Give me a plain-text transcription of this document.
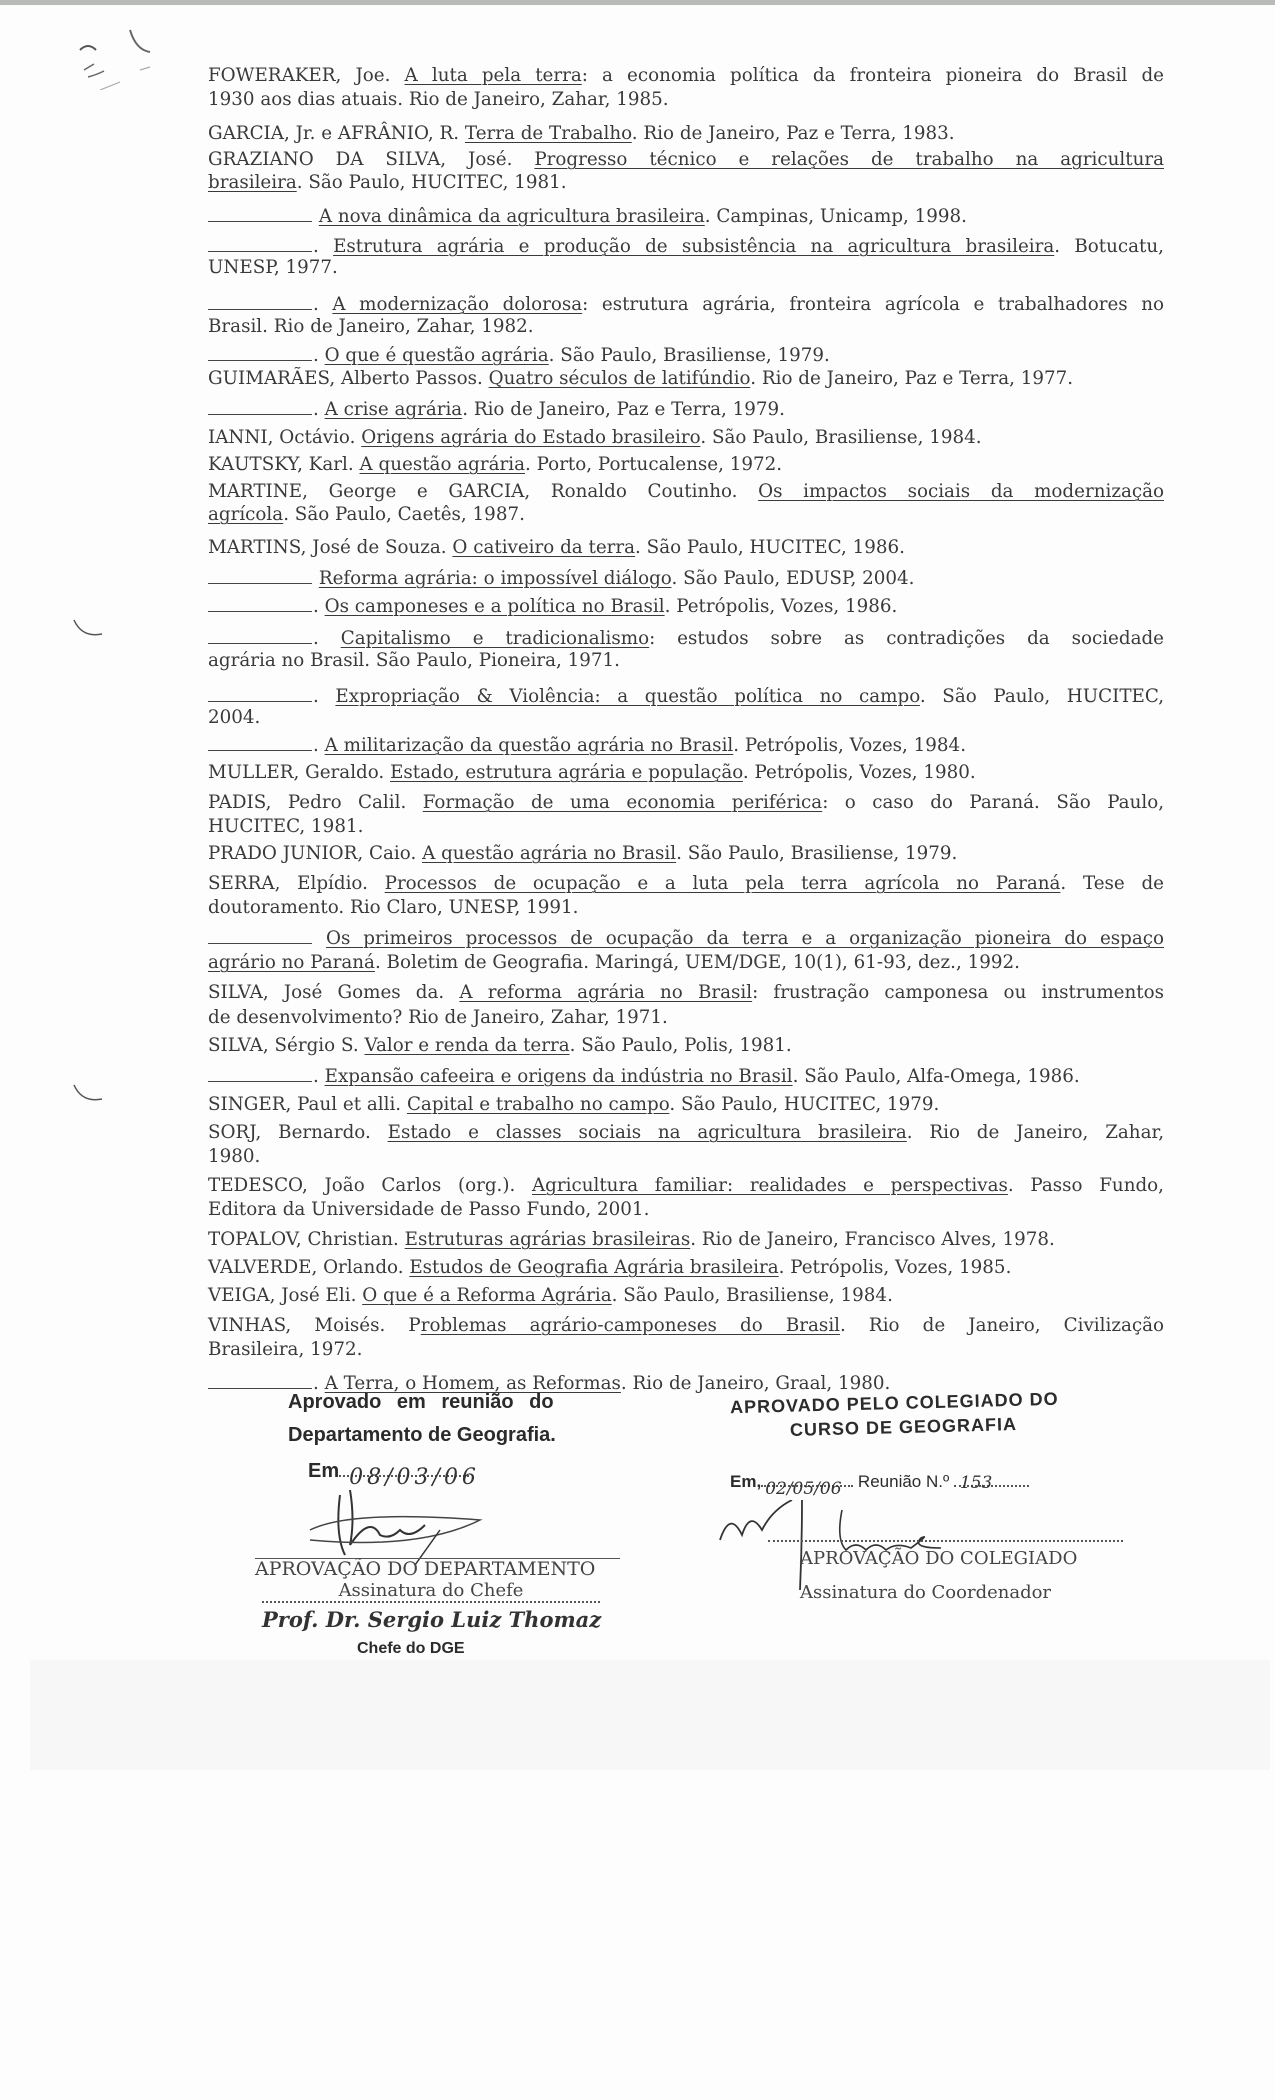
FOWERAKER, Joe. A luta pela terra: a economia política da fronteira pioneira do Brasil de
1930 aos dias atuais. Rio de Janeiro, Zahar, 1985.
GARCIA, Jr. e AFRÂNIO, R. Terra de Trabalho. Rio de Janeiro, Paz e Terra, 1983.
GRAZIANO DA SILVA, José. Progresso técnico e relações de trabalho na agricultura
brasileira. São Paulo, HUCITEC, 1981.
A nova dinâmica da agricultura brasileira. Campinas, Unicamp, 1998.
. Estrutura agrária e produção de subsistência na agricultura brasileira. Botucatu,
UNESP, 1977.
. A modernização dolorosa: estrutura agrária, fronteira agrícola e trabalhadores no
Brasil. Rio de Janeiro, Zahar, 1982.
. O que é questão agrária. São Paulo, Brasiliense, 1979.
GUIMARÃES, Alberto Passos. Quatro séculos de latifúndio. Rio de Janeiro, Paz e Terra, 1977.
. A crise agrária. Rio de Janeiro, Paz e Terra, 1979.
IANNI, Octávio. Origens agrária do Estado brasileiro. São Paulo, Brasiliense, 1984.
KAUTSKY, Karl. A questão agrária. Porto, Portucalense, 1972.
MARTINE, George e GARCIA, Ronaldo Coutinho. Os impactos sociais da modernização
agrícola. São Paulo, Caetês, 1987.
MARTINS, José de Souza. O cativeiro da terra. São Paulo, HUCITEC, 1986.
Reforma agrária: o impossível diálogo. São Paulo, EDUSP, 2004.
. Os camponeses e a política no Brasil. Petrópolis, Vozes, 1986.
. Capitalismo e tradicionalismo: estudos sobre as contradições da sociedade
agrária no Brasil. São Paulo, Pioneira, 1971.
. Expropriação & Violência: a questão política no campo. São Paulo, HUCITEC,
2004.
. A militarização da questão agrária no Brasil. Petrópolis, Vozes, 1984.
MULLER, Geraldo. Estado, estrutura agrária e população. Petrópolis, Vozes, 1980.
PADIS, Pedro Calil. Formação de uma economia periférica: o caso do Paraná. São Paulo,
HUCITEC, 1981.
PRADO JUNIOR, Caio. A questão agrária no Brasil. São Paulo, Brasiliense, 1979.
SERRA, Elpídio. Processos de ocupação e a luta pela terra agrícola no Paraná. Tese de
doutoramento. Rio Claro, UNESP, 1991.
Os primeiros processos de ocupação da terra e a organização pioneira do espaço
agrário no Paraná. Boletim de Geografia. Maringá, UEM/DGE, 10(1), 61-93, dez., 1992.
SILVA, José Gomes da. A reforma agrária no Brasil: frustração camponesa ou instrumentos
de desenvolvimento? Rio de Janeiro, Zahar, 1971.
SILVA, Sérgio S. Valor e renda da terra. São Paulo, Polis, 1981.
. Expansão cafeeira e origens da indústria no Brasil. São Paulo, Alfa-Omega, 1986.
SINGER, Paul et alli. Capital e trabalho no campo. São Paulo, HUCITEC, 1979.
SORJ, Bernardo. Estado e classes sociais na agricultura brasileira. Rio de Janeiro, Zahar,
1980.
TEDESCO, João Carlos (org.). Agricultura familiar: realidades e perspectivas. Passo Fundo,
Editora da Universidade de Passo Fundo, 2001.
TOPALOV, Christian. Estruturas agrárias brasileiras. Rio de Janeiro, Francisco Alves, 1978.
VALVERDE, Orlando. Estudos de Geografia Agrária brasileira. Petrópolis, Vozes, 1985.
VEIGA, José Eli. O que é a Reforma Agrária. São Paulo, Brasiliense, 1984.
VINHAS, Moisés. Problemas agrário-camponeses do Brasil. Rio de Janeiro, Civilização
Brasileira, 1972.
. A Terra, o Homem, as Reformas. Rio de Janeiro, Graal, 1980.
Aprovado em reunião do
Departamento de Geografia.
Em 08/03/06
APROVAÇÃO DO DEPARTAMENTO
Assinatura do Chefe
Prof. Dr. Sergio Luiz Thomaz
Chefe do DGE
APROVADO PELO COLEGIADO DO
CURSO DE GEOGRAFIA
Em, 02/05/06 Reunião N.º 153
APROVAÇÃO DO COLEGIADO
Assinatura do Coordenador
